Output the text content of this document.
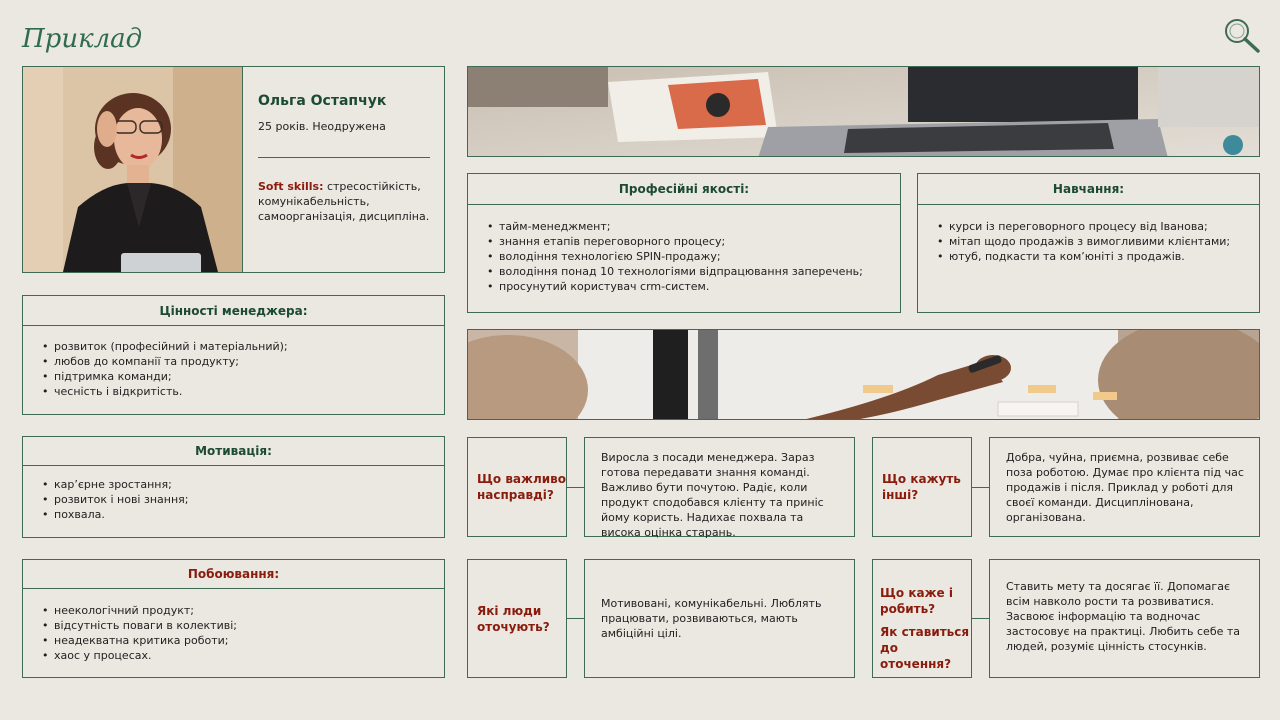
Приклад
Ольга Остапчук
25 років. Неодружена
Soft skills: стресостійкість, комунікабельність, самоорганізація, дисципліна.
Цінності менеджера:
• розвиток (професійний і матеріальний);
• любов до компанії та продукту;
• підтримка команди;
• чесність і відкритість.
Мотивація:
• кар’єрне зростання;
• розвиток і нові знання;
• похвала.
Побоювання:
• неекологічний продукт;
• відсутність поваги в колективі;
• неадекватна критика роботи;
• хаос у процесах.
Професійні якості:
• тайм-менеджмент;
• знання етапів переговорного процесу;
• володіння технологією SPIN-продажу;
• володіння понад 10 технологіями відпрацювання заперечень;
• просунутий користувач crm-систем.
Навчання:
• курси із переговорного процесу від Іванова;
• мітап щодо продажів з вимогливими клієнтами;
• ютуб, подкасти та ком’юніті з продажів.
Що важливо насправді?
Виросла з посади менеджера. Зараз готова передавати знання команді. Важливо бути почутою. Радіє, коли продукт сподобався клієнту та приніс йому користь. Надихає похвала та висока оцінка старань.
Що кажуть інші?
Добра, чуйна, приємна, розвиває себе поза роботою. Думає про клієнта під час продажів і після. Приклад у роботі для своєї команди. Дисциплінована, організована.
Які люди оточують?
Мотивовані, комунікабельні. Люблять працювати, розвиваються, мають амбіційні цілі.
Що каже і робить?
Як ставиться до оточення?
Ставить мету та досягає її. Допомагає всім навколо рости та розвиватися. Засвоює інформацію та водночас застосовує на практиці. Любить себе та людей, розуміє цінність стосунків.
